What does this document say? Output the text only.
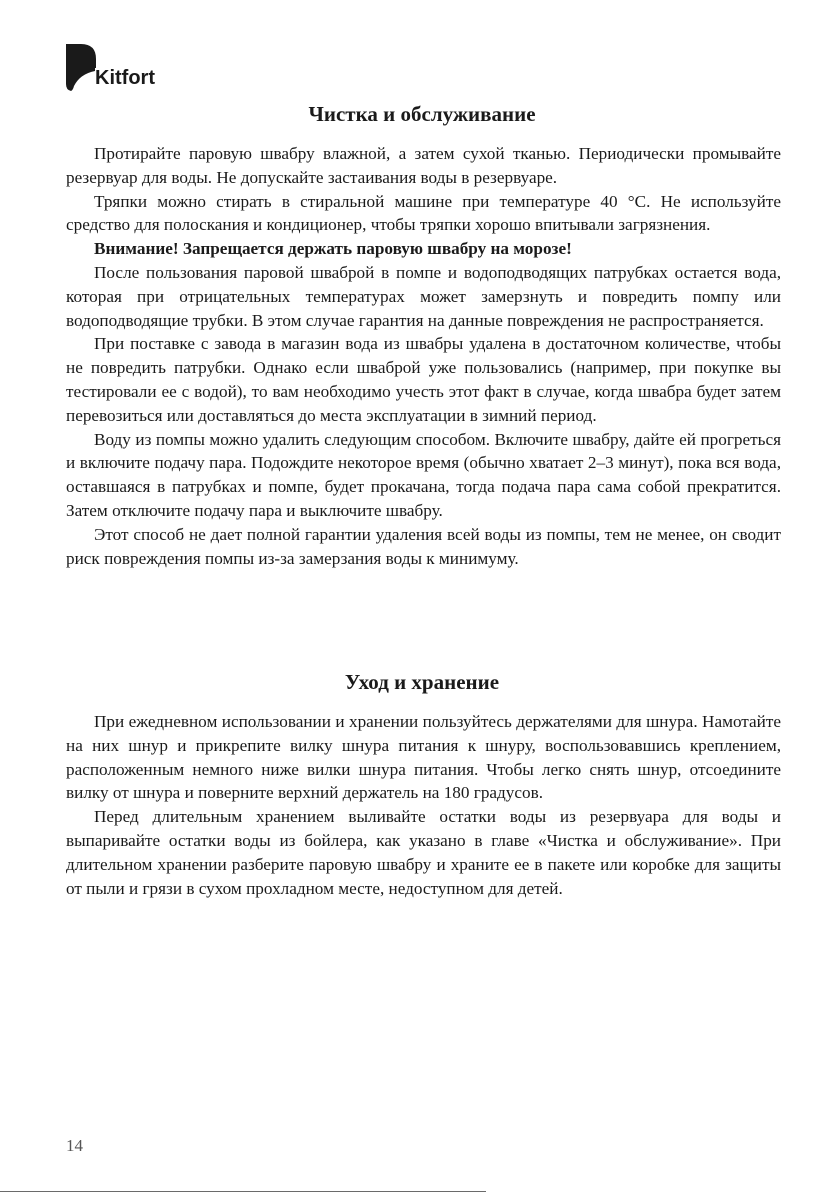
Kitfort
Чистка и обслуживание

Протирайте паровую швабру влажной, а затем сухой тканью. Периодически промывайте резервуар для воды. Не допускайте застаивания воды в резервуаре.

Тряпки можно стирать в стиральной машине при температуре 40 °С. Не используйте средство для полоскания и кондиционер, чтобы тряпки хорошо впитывали загрязнения.

Внимание! Запрещается держать паровую швабру на морозе!

После пользования паровой шваброй в помпе и водоподводящих патрубках остается вода, которая при отрицательных температурах может замерзнуть и повредить помпу или водоподводящие трубки. В этом случае гарантия на данные повреждения не распространяется.

При поставке с завода в магазин вода из швабры удалена в достаточном количестве, чтобы не повредить патрубки. Однако если шваброй уже пользовались (например, при покупке вы тестировали ее с водой), то вам необходимо учесть этот факт в случае, когда швабра будет затем перевозиться или доставляться до места эксплуатации в зимний период.

Воду из помпы можно удалить следующим способом. Включите швабру, дайте ей прогреться и включите подачу пара. Подождите некоторое время (обычно хватает 2–3 минут), пока вся вода, оставшаяся в патрубках и помпе, будет прокачана, тогда подача пара сама собой прекратится. Затем отключите подачу пара и выключите швабру.

Этот способ не дает полной гарантии удаления всей воды из помпы, тем не менее, он сводит риск повреждения помпы из-за замерзания воды к минимуму.

Уход и хранение

При ежедневном использовании и хранении пользуйтесь держателями для шнура. Намотайте на них шнур и прикрепите вилку шнура питания к шнуру, воспользовавшись креплением, расположенным немного ниже вилки шнура питания. Чтобы легко снять шнур, отсоедините вилку от шнура и поверните верхний держатель на 180 градусов.

Перед длительным хранением выливайте остатки воды из резервуара для воды и выпаривайте остатки воды из бойлера, как указано в главе «Чистка и обслуживание». При длительном хранении разберите паровую швабру и храните ее в пакете или коробке для защиты от пыли и грязи в сухом прохладном месте, недоступном для детей.

14
